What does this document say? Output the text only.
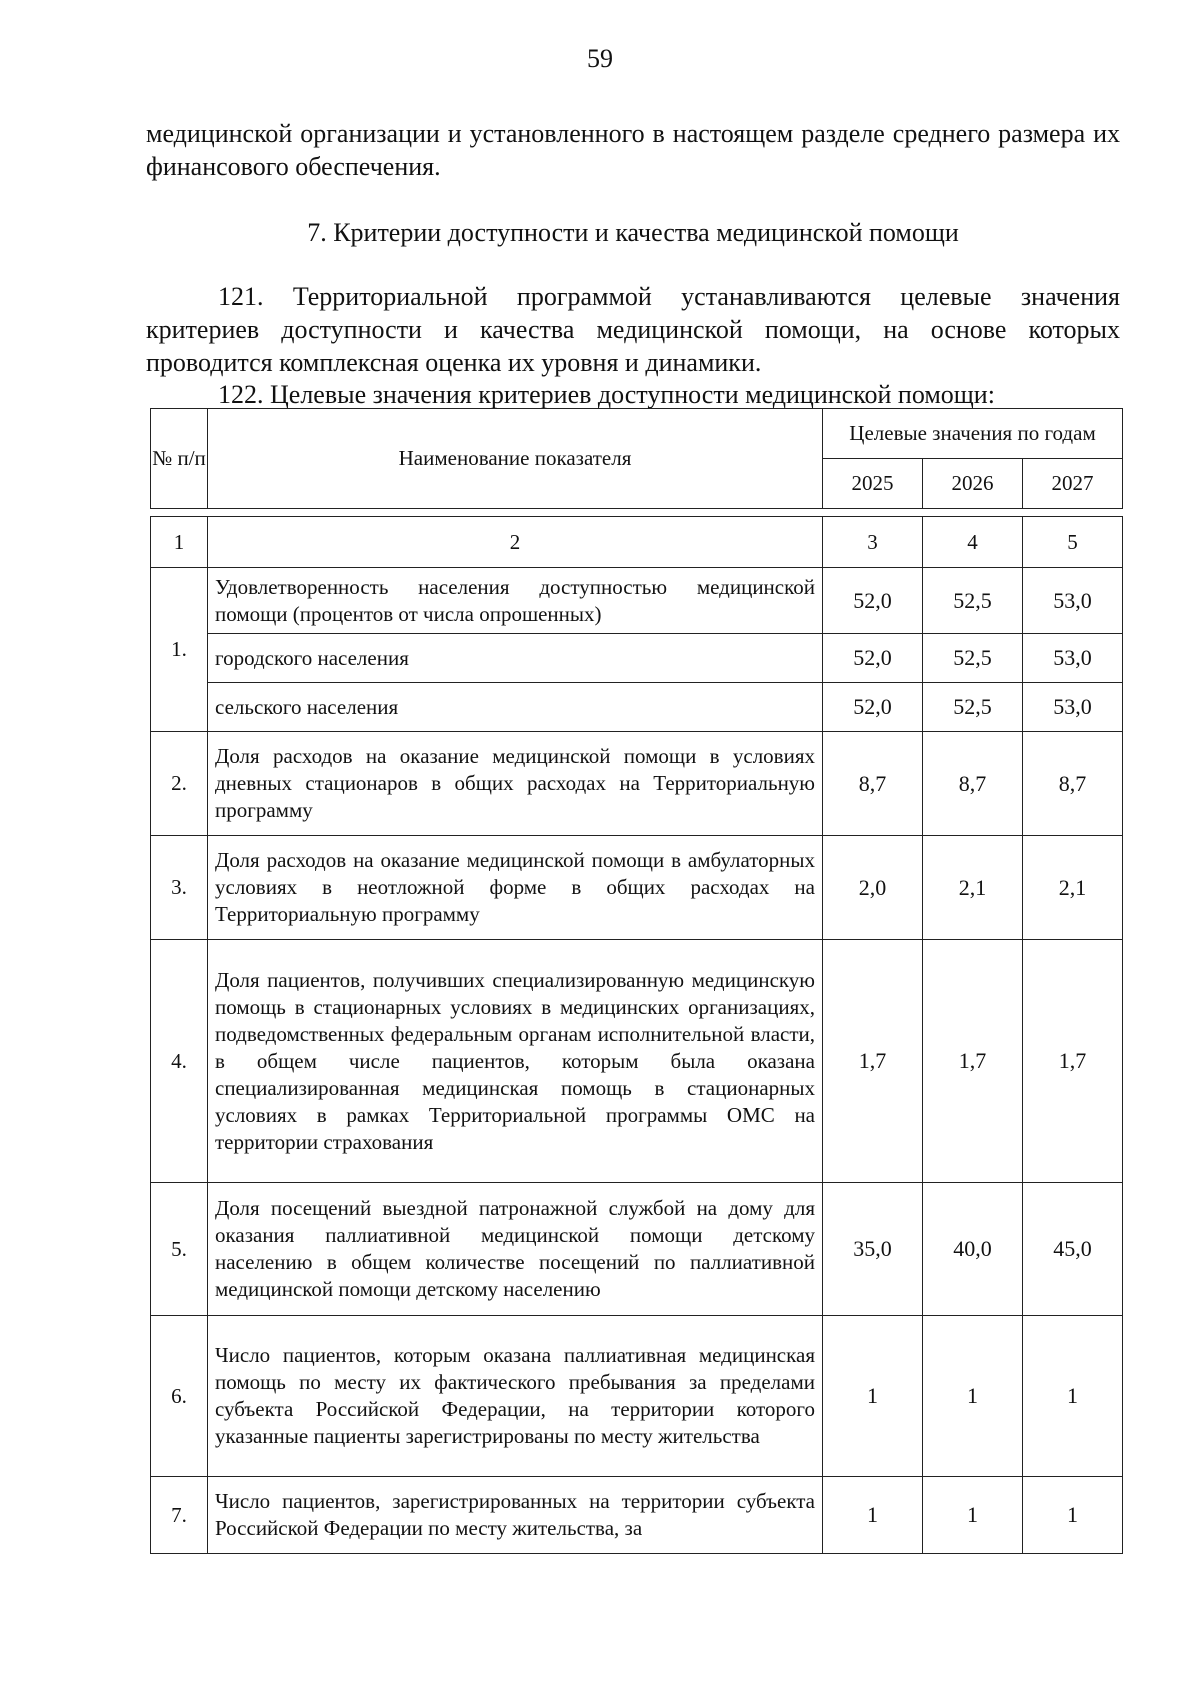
59
медицинской организации и установленного в настоящем разделе среднего размера их финансового обеспечения.
7. Критерии доступности и качества медицинской помощи
121. Территориальной программой устанавливаются целевые значения критериев доступности и качества медицинской помощи, на основе которых проводится комплексная оценка их уровня и динамики.
122. Целевые значения критериев доступности медицинской помощи:
№ п/п	Наименование показателя	Целевые значения по годам		
		2025	2026	2027
1	2	3	4	5
1.	Удовлетворенность населения доступностью медицинской помощи (процентов от числа опрошенных)	52,0	52,5	53,0
	городского населения	52,0	52,5	53,0
	сельского населения	52,0	52,5	53,0
2.	Доля расходов на оказание медицинской помощи в условиях дневных стационаров в общих расходах на Территориальную программу	8,7	8,7	8,7
3.	Доля расходов на оказание медицинской помощи в амбулаторных условиях в неотложной форме в общих расходах на Территориальную программу	2,0	2,1	2,1
4.	Доля пациентов, получивших специализированную медицинскую помощь в стационарных условиях в медицинских организациях, подведомственных федеральным органам исполнительной власти, в общем числе пациентов, которым была оказана специализированная медицинская помощь в стационарных условиях в рамках Территориальной программы ОМС на территории страхования	1,7	1,7	1,7
5.	Доля посещений выездной патронажной службой на дому для оказания паллиативной медицинской помощи детскому населению в общем количестве посещений по паллиативной медицинской помощи детскому населению	35,0	40,0	45,0
6.	Число пациентов, которым оказана паллиативная медицинская помощь по месту их фактического пребывания за пределами субъекта Российской Федерации, на территории которого указанные пациенты зарегистрированы по месту жительства	1	1	1
7.	Число пациентов, зарегистрированных на территории субъекта Российской Федерации по месту жительства, за	1	1	1
